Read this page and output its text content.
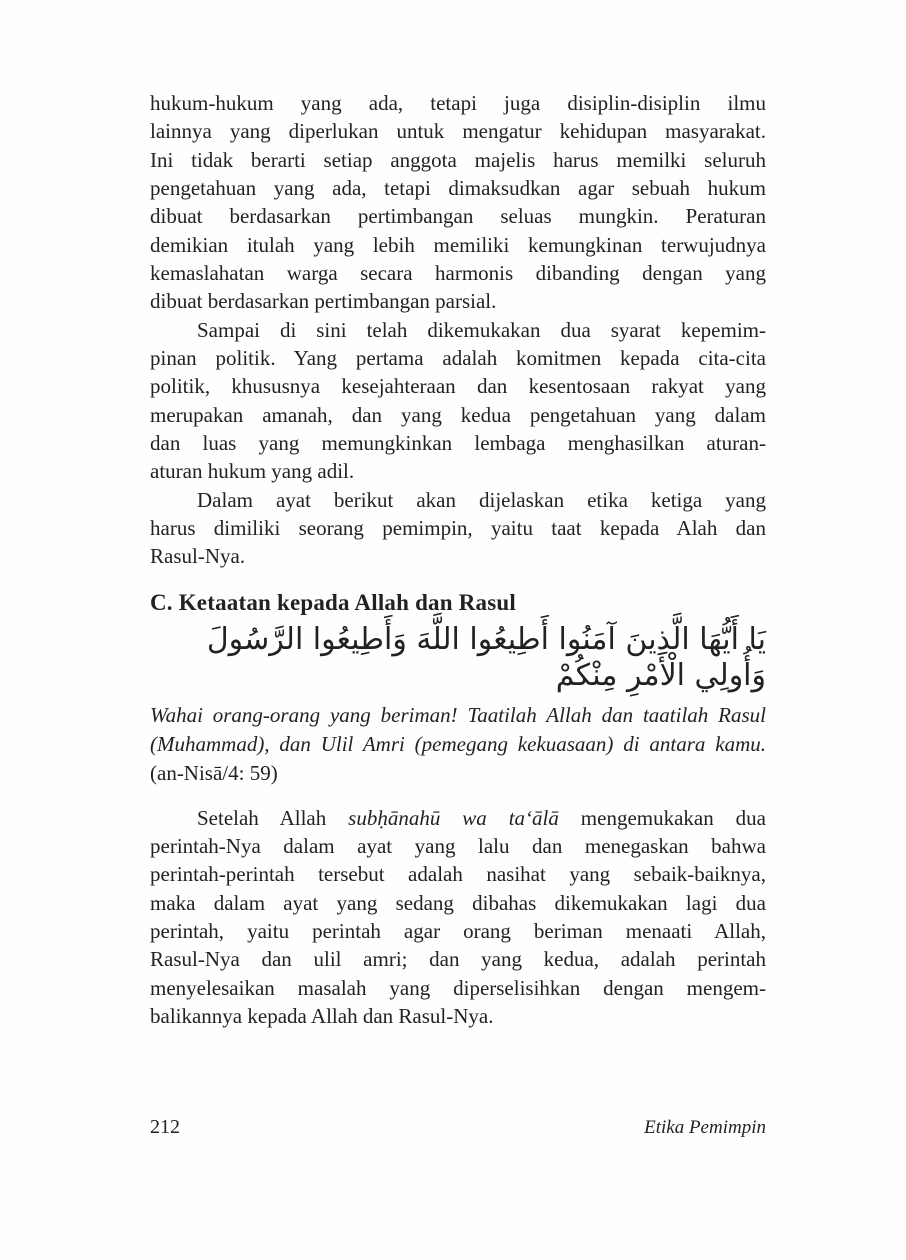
hukum-hukum yang ada, tetapi juga disiplin-disiplin ilmu
lainnya yang diperlukan untuk mengatur kehidupan masyarakat.
Ini tidak berarti setiap anggota majelis harus memilki seluruh
pengetahuan yang ada, tetapi dimaksudkan agar sebuah hukum
dibuat berdasarkan pertimbangan seluas mungkin. Peraturan
demikian itulah yang lebih memiliki kemungkinan terwujudnya
kemaslahatan warga secara harmonis dibanding dengan yang
dibuat berdasarkan pertimbangan parsial.
Sampai di sini telah dikemukakan dua syarat kepemim-
pinan politik. Yang pertama adalah komitmen kepada cita-cita
politik, khususnya kesejahteraan dan kesentosaan rakyat yang
merupakan amanah, dan yang kedua pengetahuan yang dalam
dan luas yang memungkinkan lembaga menghasilkan aturan-
aturan hukum yang adil.
Dalam ayat berikut akan dijelaskan etika ketiga yang
harus dimiliki seorang pemimpin, yaitu taat kepada Alah dan
Rasul-Nya.
C. Ketaatan kepada Allah dan Rasul
يَا أَيُّهَا الَّذِينَ آمَنُوا أَطِيعُوا اللَّهَ وَأَطِيعُوا الرَّسُولَ وَأُولِي الْأَمْرِ مِنْكُمْ
Wahai orang-orang yang beriman! Taatilah Allah dan taatilah Rasul
(Muhammad), dan Ulil Amri (pemegang kekuasaan) di antara kamu.
(an-Nisā/4: 59)
Setelah Allah subḥānahū wa ta‘ālā mengemukakan dua
perintah-Nya dalam ayat yang lalu dan menegaskan bahwa
perintah-perintah tersebut adalah nasihat yang sebaik-baiknya,
maka dalam ayat yang sedang dibahas dikemukakan lagi dua
perintah, yaitu perintah agar orang beriman menaati Allah,
Rasul-Nya dan ulil amri; dan yang kedua, adalah perintah
menyelesaikan masalah yang diperselisihkan dengan mengem-
balikannya kepada Allah dan Rasul-Nya.
212	Etika Pemimpin
